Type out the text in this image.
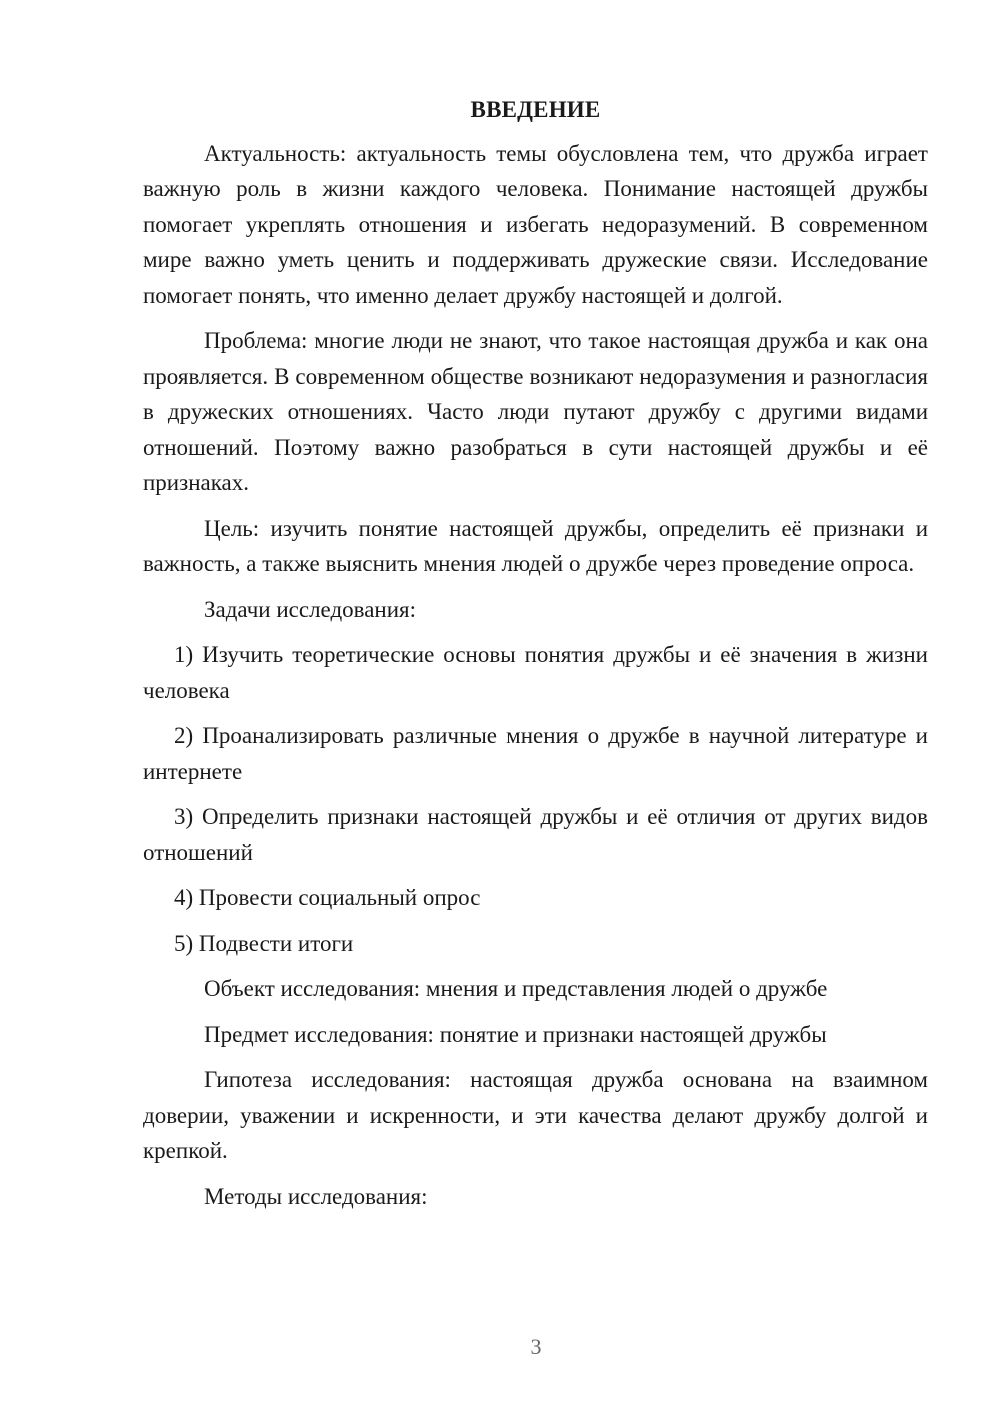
ВВЕДЕНИЕ

Актуальность: актуальность темы обусловлена тем, что дружба играет важную роль в жизни каждого человека. Понимание настоящей дружбы помогает укреплять отношения и избегать недоразумений. В современном мире важно уметь ценить и поддерживать дружеские связи. Исследование помогает понять, что именно делает дружбу настоящей и долгой.

Проблема: многие люди не знают, что такое настоящая дружба и как она проявляется. В современном обществе возникают недоразумения и разногласия в дружеских отношениях. Часто люди путают дружбу с другими видами отношений. Поэтому важно разобраться в сути настоящей дружбы и её признаках.

Цель: изучить понятие настоящей дружбы, определить её признаки и важность, а также выяснить мнения людей о дружбе через проведение опроса.

Задачи исследования:

1) Изучить теоретические основы понятия дружбы и её значения в жизни человека

2) Проанализировать различные мнения о дружбе в научной литературе и интернете

3) Определить признаки настоящей дружбы и её отличия от других видов отношений

4) Провести социальный опрос

5) Подвести итоги

Объект исследования: мнения и представления людей о дружбе

Предмет исследования: понятие и признаки настоящей дружбы

Гипотеза исследования: настоящая дружба основана на взаимном доверии, уважении и искренности, и эти качества делают дружбу долгой и крепкой.

Методы исследования:

3
